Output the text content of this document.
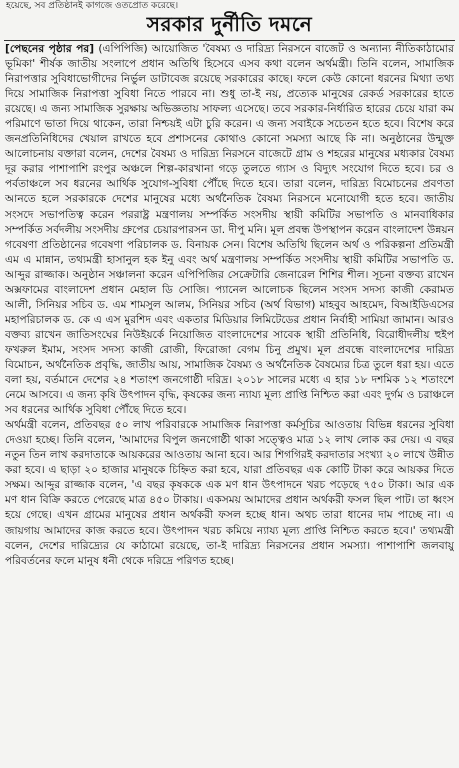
হয়েছে, সব প্রতিষ্ঠানই কাগজে ওতপ্রোত করেছে।
সরকার দুর্নীতি দমনে

[পেছনের পৃষ্ঠার পর] (এপিপিজি) আয়োজিত 'বৈষম্য ও দারিদ্র্য নিরসনে বাজেট ও অন্যান্য নীতিকাঠামোর ভূমিকা' শীর্ষক জাতীয় সংলাপে প্রধান অতিথি হিসেবে এসব কথা বলেন অর্থমন্ত্রী। তিনি বলেন, সামাজিক নিরাপত্তার সুবিধাভোগীদের নির্ভুল ডাটাবেজ রয়েছে সরকারের কাছে। ফলে কেউ কোনো ধরনের মিথ্যা তথ্য দিয়ে সামাজিক নিরাপত্তা সুবিধা নিতে পারবে না। শুধু তা-ই নয়, প্রত্যেক মানুষের রেকর্ড সরকারের হাতে রয়েছে। এ জন্য সামাজিক সুরক্ষায় অভিজ্ঞতায় সাফল্য এসেছে। তবে সরকার-নির্ধারিত হারের চেয়ে যারা কম পরিমাণে ভাতা দিয়ে থাকেন, তারা নিশ্চয়ই এটা চুরি করেন। এ জন্য সবাইকে সচেতন হতে হবে। বিশেষ করে জনপ্রতিনিধিদের খেয়াল রাখতে হবে প্রশাসনের কোথাও কোনো সমস্যা আছে কি না। অনুষ্ঠানের উন্মুক্ত আলোচনায় বক্তারা বলেন, দেশের বৈষম্য ও দারিদ্র্য নিরসনে বাজেটে গ্রাম ও শহরের মানুষের মধ্যকার বৈষম্য দূর করার পাশাপাশি রংপুর অঞ্চলে শিল্প-কারখানা গড়ে তুলতে গ্যাস ও বিদ্যুৎ সংযোগ দিতে হবে। চর ও পর্বতাঞ্চলে সব ধরনের আর্থিক সুযোগ-সুবিধা পৌঁছে দিতে হবে। তারা বলেন, দারিদ্র্য বিমোচনের প্রবণতা আনতে হলে সরকারকে দেশের মানুষের মধ্যে অর্থনৈতিক বৈষম্য নিরসনে মনোযোগী হতে হবে। জাতীয় সংসদে সভাপতিত্ব করেন পররাষ্ট্র মন্ত্রণালয় সম্পর্কিত সংসদীয় স্থায়ী কমিটির সভাপতি ও মানবাধিকার সম্পর্কিত সর্বদলীয় সংসদীয় গ্রুপের চেয়ারপারসন ডা. দীপু মনি। মূল প্রবন্ধ উপস্থাপন করেন বাংলাদেশ উন্নয়ন গবেষণা প্রতিষ্ঠানের গবেষণা পরিচালক ড. বিনায়ক সেন। বিশেষ অতিথি ছিলেন অর্থ ও পরিকল্পনা প্রতিমন্ত্রী এম এ মান্নান, তথ্যমন্ত্রী হাসানুল হক ইনু এবং অর্থ মন্ত্রণালয় সম্পর্কিত সংসদীয় স্থায়ী কমিটির সভাপতি ড. আব্দুর রাজ্জাক। অনুষ্ঠান সঞ্চালনা করেন এপিপিজির সেক্রেটারি জেনারেল শিশির শীল। সূচনা বক্তব্য রাখেন অক্সফামের বাংলাদেশ প্রধান মেহাল ডি সোজি। প্যানেল আলোচক ছিলেন সংসদ সদস্য কাজী কেরামত আলী, সিনিয়র সচিব ড. এম শামসুল আলম, সিনিয়র সচিব (অর্থ বিভাগ) মাহবুব আহমেদ, বিআইডিএসের মহাপরিচালক ড. কে এ এস মুরশিদ এবং একতার মিডিয়ার লিমিটেডের প্রধান নির্বাহী সামিয়া জামান। আরও বক্তব্য রাখেন জাতিসংঘের নিউইয়র্কে নিয়োজিত বাংলাদেশের সাবেক স্থায়ী প্রতিনিধি, বিরোধীদলীয় হুইপ ফখরুল ইমাম, সংসদ সদস্য কাজী রোজী, ফিরোজা বেগম চিনু প্রমুখ। মূল প্রবন্ধে বাংলাদেশের দারিদ্র্য বিমোচন, অর্থনৈতিক প্রবৃদ্ধি, জাতীয় আয়, সামাজিক বৈষম্য ও অর্থনৈতিক বৈষম্যের চিত্র তুলে ধরা হয়। এতে বলা হয়, বর্তমানে দেশের ২৪ শতাংশ জনগোষ্ঠী দরিদ্র। ২০১৮ সালের মধ্যে এ হার ১৮ দশমিক ১২ শতাংশে নেমে আসবে। এ জন্য কৃষি উৎপাদন বৃদ্ধি, কৃষকের জন্য ন্যায্য মূল্য প্রাপ্তি নিশ্চিত করা এবং দুর্গম ও চরাঞ্চলে সব ধরনের আর্থিক সুবিধা পৌঁছে দিতে হবে।

অর্থমন্ত্রী বলেন, প্রতিবছর ৫০ লাখ পরিবারকে সামাজিক নিরাপত্তা কর্মসূচির আওতায় বিভিন্ন ধরনের সুবিধা দেওয়া হচ্ছে। তিনি বলেন, 'আমাদের বিপুল জনগোষ্ঠী থাকা সত্ত্বেও মাত্র ১২ লাখ লোক কর দেয়। এ বছর নতুন তিন লাখ করদাতাকে আয়করের আওতায় আনা হবে। আর শিগগিরই করদাতার সংখ্যা ২০ লাখে উন্নীত করা হবে। এ ছাড়া ২০ হাজার মানুষকে চিহ্নিত করা হবে, যারা প্রতিবছর এক কোটি টাকা করে আয়কর দিতে সক্ষম। আব্দুর রাজ্জাক বলেন, 'এ বছর কৃষককে এক মণ ধান উৎপাদনে খরচ পড়েছে ৭৫০ টাকা। আর এক মণ ধান বিক্রি করতে পেরেছে মাত্র ৪৫০ টাকায়। একসময় আমাদের প্রধান অর্থকরী ফসল ছিল পাট। তা ধ্বংস হয়ে গেছে। এখন গ্রামের মানুষের প্রধান অর্থকরী ফসল হচ্ছে ধান। অথচ তারা ধানের দাম পাচ্ছে না। এ জায়গায় আমাদের কাজ করতে হবে। উৎপাদন খরচ কমিয়ে ন্যায্য মূল্য প্রাপ্তি নিশ্চিত করতে হবে।' তথ্যমন্ত্রী বলেন, দেশের দারিদ্র্যের যে কাঠামো রয়েছে, তা-ই দারিদ্র্য নিরসনের প্রধান সমস্যা। পাশাপাশি জলবায়ু পরিবর্তনের ফলে মানুষ ধনী থেকে দরিদ্রে পরিণত হচ্ছে।
